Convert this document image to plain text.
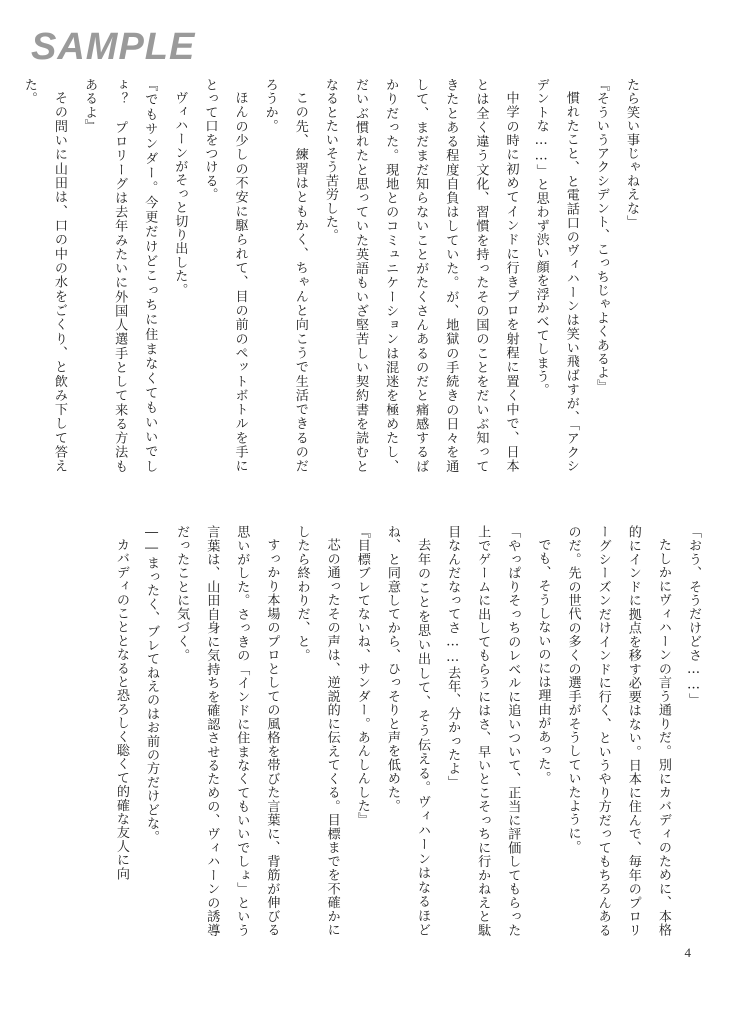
SAMPLE

たら笑い事じゃねえな」

『そういうアクシデント、こっちじゃよくあるよ』

慣れたこと、と電話口のヴィハーンは笑い飛ばすが、「アクシデントな……」と思わず渋い顔を浮かべてしまう。

中学の時に初めてインドに行きプロを射程に置く中で、日本とは全く違う文化、習慣を持ったその国のことをだいぶ知ってきたとある程度自負はしていた。が、地獄の手続きの日々を通して、まだまだ知らないことがたくさんあるのだと痛感するばかりだった。現地とのコミュニケーションは混迷を極めたし、だいぶ慣れたと思っていた英語もいざ堅苦しい契約書を読むとなるとたいそう苦労した。

この先、練習はともかく、ちゃんと向こうで生活できるのだろうか。

ほんの少しの不安に駆られて、目の前のペットボトルを手にとって口をつける。

ヴィハーンがそっと切り出した。

『でもサンダー。今更だけどこっちに住まなくてもいいでしょ？　プロリーグは去年みたいに外国人選手として来る方法もあるよ』

その問いに山田は、口の中の水をごくり、と飲み下して答えた。

「おう、そうだけどさ……」

たしかにヴィハーンの言う通りだ。別にカバディのために、本格的にインドに拠点を移す必要はない。日本に住んで、毎年のプロリーグシーズンだけインドに行く、というやり方だってもちろんあるのだ。先の世代の多くの選手がそうしていたように。

でも、そうしないのには理由があった。

「やっぱりそっちのレベルに追いついて、正当に評価してもらった上でゲームに出してもらうにはさ、早いとこそっちに行かねえと駄目なんだなってさ……去年、分かったよ」

去年のことを思い出して、そう伝える。ヴィハーンはなるほどね、と同意してから、ひっそりと声を低めた。

『目標ブレてないね、サンダー。あんしんした』

芯の通ったその声は、逆説的に伝えてくる。目標までを不確かにしたら終わりだ、と。

すっかり本場のプロとしての風格を帯びた言葉に、背筋が伸びる思いがした。さっきの「インドに住まなくてもいいでしょ」という言葉は、山田自身に気持ちを確認させるための、ヴィハーンの誘導だったことに気づく。

――まったく、ブレてねえのはお前の方だけどな。

カバディのこととなると恐ろしく聡くて的確な友人に向

4
